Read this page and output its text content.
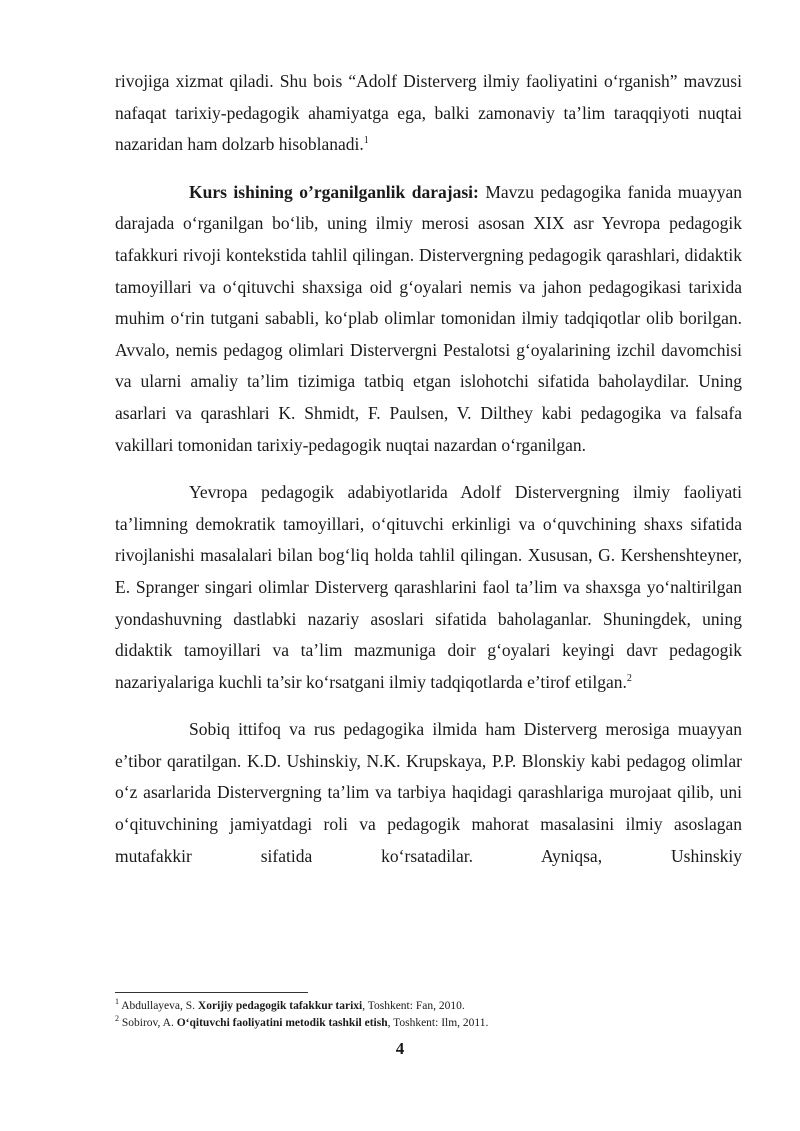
rivojiga xizmat qiladi. Shu bois “Adolf Disterverg ilmiy faoliyatini o‘rganish” mavzusi nafaqat tarixiy-pedagogik ahamiyatga ega, balki zamonaviy ta’lim taraqqiyoti nuqtai nazaridan ham dolzarb hisoblanadi.$^1$

Kurs ishining o’rganilganlik darajasi: Mavzu pedagogika fanida muayyan darajada o‘rganilgan bo‘lib, uning ilmiy merosi asosan XIX asr Yevropa pedagogik tafakkuri rivoji kontekstida tahlil qilingan. Distervergning pedagogik qarashlari, didaktik tamoyillari va o‘qituvchi shaxsiga oid g‘oyalari nemis va jahon pedagogikasi tarixida muhim o‘rin tutgani sababli, ko‘plab olimlar tomonidan ilmiy tadqiqotlar olib borilgan. Avvalo, nemis pedagog olimlari Distervergni Pestalotsi g‘oyalarining izchil davomchisi va ularni amaliy ta’lim tizimiga tatbiq etgan islohotchi sifatida baholaydilar. Uning asarlari va qarashlari K. Shmidt, F. Paulsen, V. Dilthey kabi pedagogika va falsafa vakillari tomonidan tarixiy-pedagogik nuqtai nazardan o‘rganilgan.

Yevropa pedagogik adabiyotlarida Adolf Distervergning ilmiy faoliyati ta’limning demokratik tamoyillari, o‘qituvchi erkinligi va o‘quvchining shaxs sifatida rivojlanishi masalalari bilan bog‘liq holda tahlil qilingan. Xususan, G. Kershenshteyner, E. Spranger singari olimlar Disterverg qarashlarini faol ta’lim va shaxsga yo‘naltirilgan yondashuvning dastlabki nazariy asoslari sifatida baholaganlar. Shuningdek, uning didaktik tamoyillari va ta’lim mazmuniga doir g‘oyalari keyingi davr pedagogik nazariyalariga kuchli ta’sir ko‘rsatgani ilmiy tadqiqotlarda e’tirof etilgan.$^2$

Sobiq ittifoq va rus pedagogika ilmida ham Disterverg merosiga muayyan e’tibor qaratilgan. K.D. Ushinskiy, N.K. Krupskaya, P.P. Blonskiy kabi pedagog olimlar o‘z asarlarida Distervergning ta’lim va tarbiya haqidagi qarashlariga murojaat qilib, uni o‘qituvchining jamiyatdagi roli va pedagogik mahorat masalasini ilmiy asoslagan mutafakkir sifatida ko‘rsatadilar. Ayniqsa, Ushinskiy

$^1$ Abdullayeva, S. Xorijiy pedagogik tafakkur tarixi, Toshkent: Fan, 2010.
$^2$ Sobirov, A. O‘qituvchi faoliyatini metodik tashkil etish, Toshkent: Ilm, 2011.
4
